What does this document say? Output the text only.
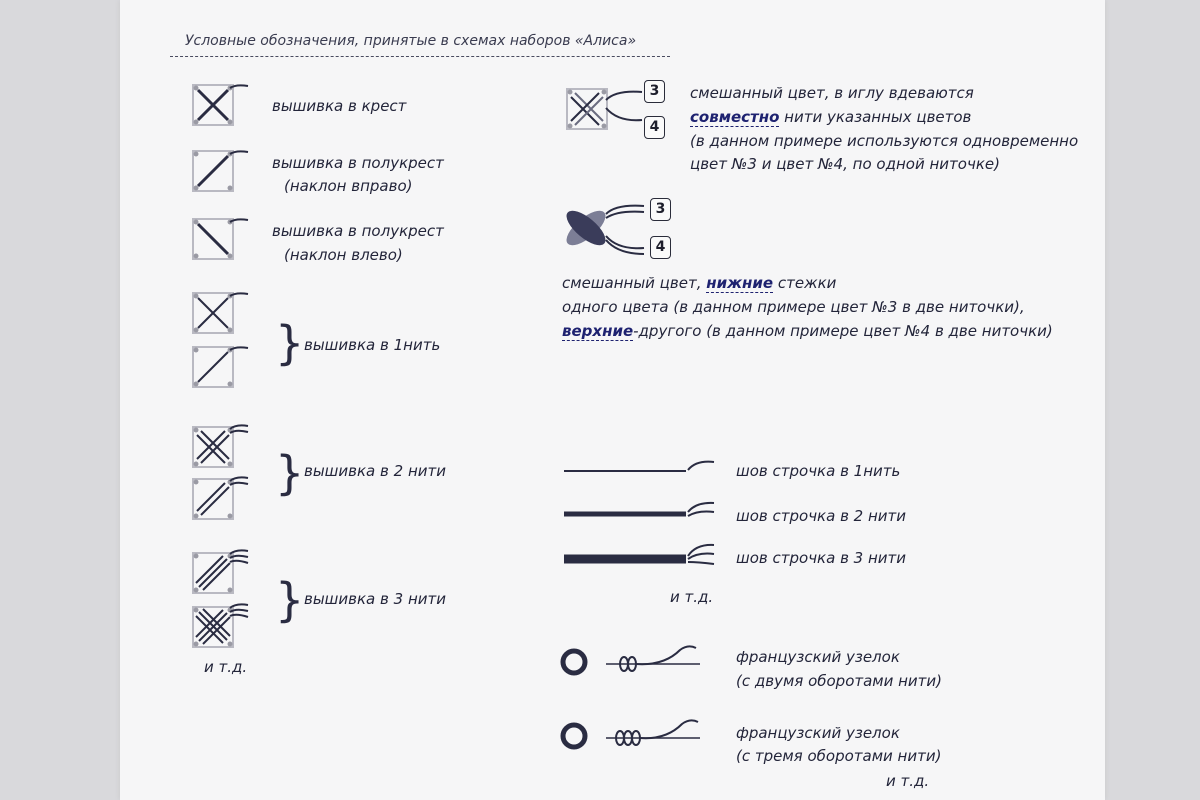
Условные обозначения, принятые в схемах наборов «Алиса»
вышивка в крест
вышивка в полукрест
(наклон вправо)
вышивка в полукрест
(наклон влево)
} вышивка в 1нить
} вышивка в 2 нити
} вышивка в 3 нити
и т.д.
3
4
смешанный цвет, в иглу вдеваются
совместно нити указанных цветов
(в данном примере используются одновременно
цвет №3 и цвет №4, по одной ниточке)
3
4
смешанный цвет, нижние стежки
одного цвета (в данном примере цвет №3 в две ниточки),
верхние-другого (в данном примере цвет №4 в две ниточки)
шов строчка в 1нить
шов строчка в 2 нити
шов строчка в 3 нити
и т.д.
французский узелок
(с двумя оборотами нити)
французский узелок
(с тремя оборотами нити)
и т.д.
